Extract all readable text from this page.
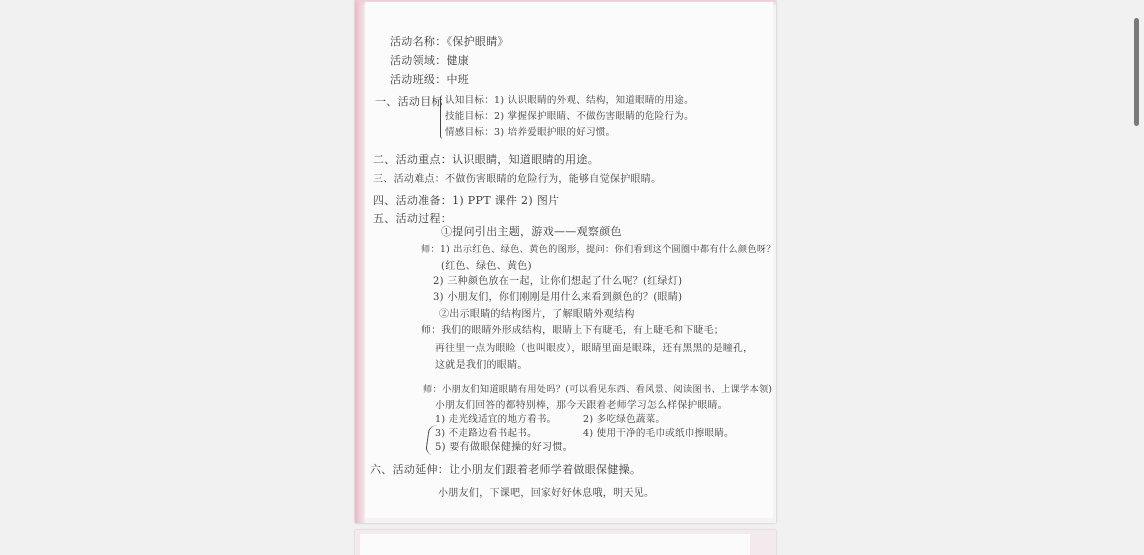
活动名称：《保护眼睛》
活动领域：健康
活动班级：中班
一、活动目标 认知目标：1) 认识眼睛的外观、结构，知道眼睛的用途。
技能目标：2) 掌握保护眼睛、不做伤害眼睛的危险行为。
情感目标：3) 培养爱眼护眼的好习惯。
二、活动重点：认识眼睛，知道眼睛的用途。
三、活动难点：不做伤害眼睛的危险行为，能够自觉保护眼睛。
四、活动准备：1) PPT 课件 2) 图片
五、活动过程：
①提问引出主题，游戏——观察颜色
师：1) 出示红色、绿色、黄色的图形，提问：你们看到这个圆圈中都有什么颜色呀？
(红色、绿色、黄色)
2) 三种颜色放在一起，让你们想起了什么呢？(红绿灯)
3) 小朋友们，你们刚刚是用什么来看到颜色的？(眼睛)
②出示眼睛的结构图片，了解眼睛外观结构
师：我们的眼睛外形成结构，眼睛上下有睫毛，有上睫毛和下睫毛；
再往里一点为眼睑（也叫眼皮），眼睛里面是眼珠，还有黑黑的是瞳孔，
这就是我们的眼睛。
师：小朋友们知道眼睛有用处吗？(可以看见东西、看风景、阅读图书、上课学本领)
小朋友们回答的都特别棒，那今天跟着老师学习怎么样保护眼睛。
1) 走光线适宜的地方看书。	2) 多吃绿色蔬菜。
3) 不走路边看书起书。	4) 使用干净的毛巾或纸巾擦眼睛。
5) 要有做眼保健操的好习惯。
六、活动延伸：让小朋友们跟着老师学着做眼保健操。
小朋友们，下课吧，回家好好休息哦，明天见。
